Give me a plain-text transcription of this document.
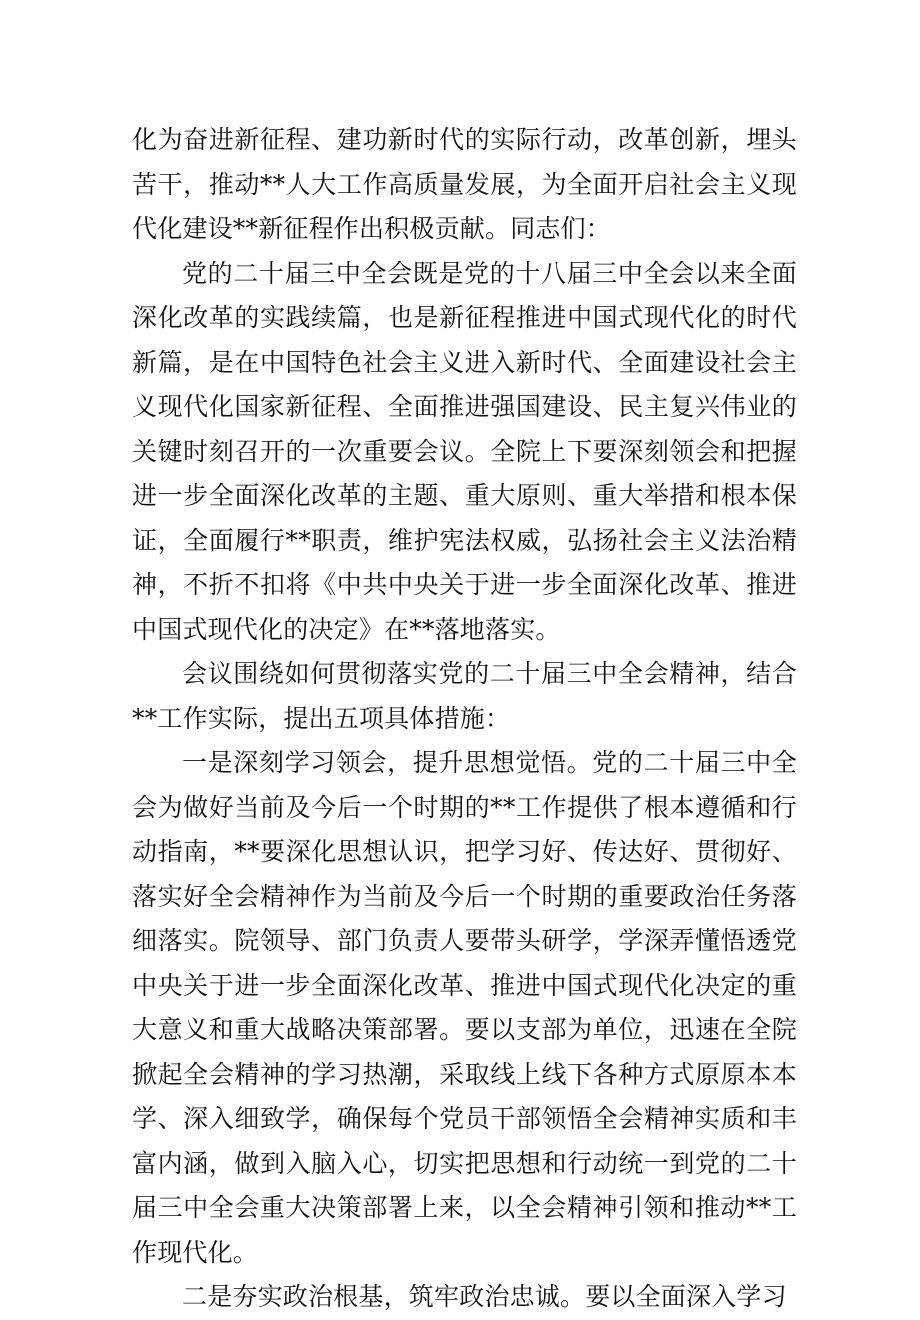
化为奋进新征程、建功新时代的实际行动，改革创新，埋头苦干，推动**人大工作高质量发展，为全面开启社会主义现代化建设**新征程作出积极贡献。同志们：

党的二十届三中全会既是党的十八届三中全会以来全面深化改革的实践续篇，也是新征程推进中国式现代化的时代新篇，是在中国特色社会主义进入新时代、全面建设社会主义现代化国家新征程、全面推进强国建设、民主复兴伟业的关键时刻召开的一次重要会议。全院上下要深刻领会和把握进一步全面深化改革的主题、重大原则、重大举措和根本保证，全面履行**职责，维护宪法权威，弘扬社会主义法治精神，不折不扣将《中共中央关于进一步全面深化改革、推进中国式现代化的决定》在**落地落实。

会议围绕如何贯彻落实党的二十届三中全会精神，结合**工作实际，提出五项具体措施：

一是深刻学习领会，提升思想觉悟。党的二十届三中全会为做好当前及今后一个时期的**工作提供了根本遵循和行动指南，**要深化思想认识，把学习好、传达好、贯彻好、落实好全会精神作为当前及今后一个时期的重要政治任务落细落实。院领导、部门负责人要带头研学，学深弄懂悟透党中央关于进一步全面深化改革、推进中国式现代化决定的重大意义和重大战略决策部署。要以支部为单位，迅速在全院掀起全会精神的学习热潮，采取线上线下各种方式原原本本学、深入细致学，确保每个党员干部领悟全会精神实质和丰富内涵，做到入脑入心，切实把思想和行动统一到党的二十届三中全会重大决策部署上来，以全会精神引领和推动**工作现代化。

二是夯实政治根基，筑牢政治忠诚。要以全面深入学习
